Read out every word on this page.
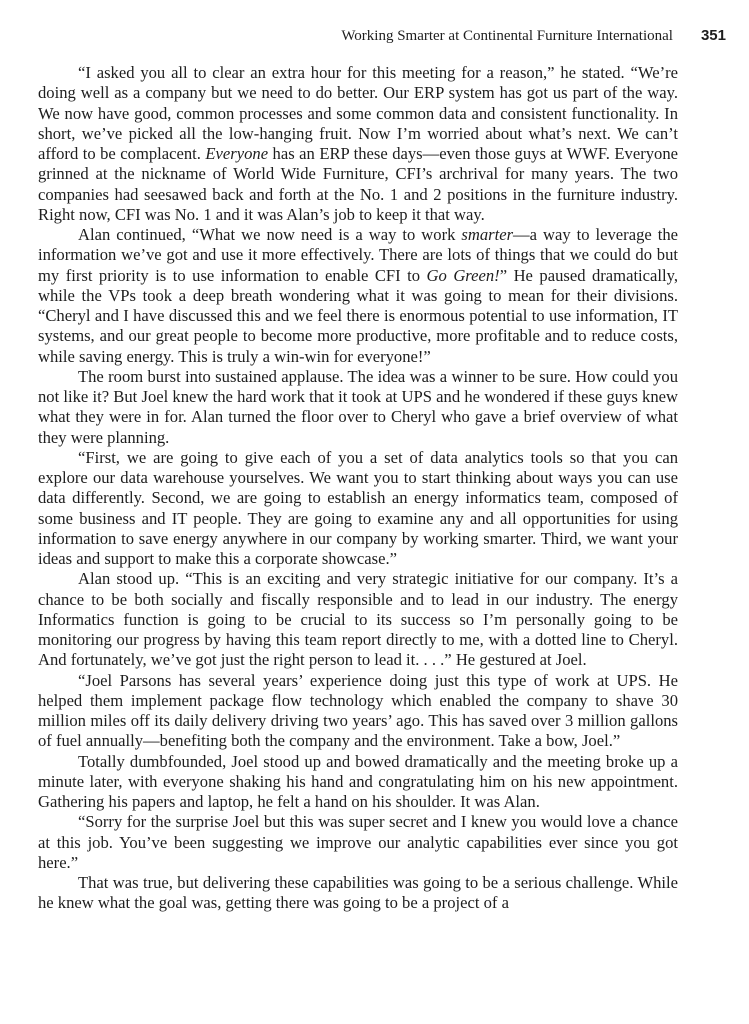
Working Smarter at Continental Furniture International 351

“I asked you all to clear an extra hour for this meeting for a reason,” he stated. “We’re doing well as a company but we need to do better. Our ERP system has got us part of the way. We now have good, common processes and some common data and consistent functionality. In short, we’ve picked all the low-hanging fruit. Now I’m worried about what’s next. We can’t afford to be complacent. Everyone has an ERP these days—even those guys at WWF. Everyone grinned at the nickname of World Wide Furniture, CFI’s archrival for many years. The two companies had seesawed back and forth at the No. 1 and 2 positions in the furniture industry. Right now, CFI was No. 1 and it was Alan’s job to keep it that way.

Alan continued, “What we now need is a way to work smarter—a way to leverage the information we’ve got and use it more effectively. There are lots of things that we could do but my first priority is to use information to enable CFI to Go Green!” He paused dramatically, while the VPs took a deep breath wondering what it was going to mean for their divisions. “Cheryl and I have discussed this and we feel there is enormous potential to use information, IT systems, and our great people to become more productive, more profitable and to reduce costs, while saving energy. This is truly a win-win for everyone!”

The room burst into sustained applause. The idea was a winner to be sure. How could you not like it? But Joel knew the hard work that it took at UPS and he wondered if these guys knew what they were in for. Alan turned the floor over to Cheryl who gave a brief overview of what they were planning.

“First, we are going to give each of you a set of data analytics tools so that you can explore our data warehouse yourselves. We want you to start thinking about ways you can use data differently. Second, we are going to establish an energy informatics team, composed of some business and IT people. They are going to examine any and all opportunities for using information to save energy anywhere in our company by working smarter. Third, we want your ideas and support to make this a corporate showcase.”

Alan stood up. “This is an exciting and very strategic initiative for our company. It’s a chance to be both socially and fiscally responsible and to lead in our industry. The energy Informatics function is going to be crucial to its success so I’m personally going to be monitoring our progress by having this team report directly to me, with a dotted line to Cheryl. And fortunately, we’ve got just the right person to lead it. . . .” He gestured at Joel.

“Joel Parsons has several years’ experience doing just this type of work at UPS. He helped them implement package flow technology which enabled the company to shave 30 million miles off its daily delivery driving two years’ ago. This has saved over 3 million gallons of fuel annually—benefiting both the company and the environment. Take a bow, Joel.”

Totally dumbfounded, Joel stood up and bowed dramatically and the meeting broke up a minute later, with everyone shaking his hand and congratulating him on his new appointment. Gathering his papers and laptop, he felt a hand on his shoulder. It was Alan.

“Sorry for the surprise Joel but this was super secret and I knew you would love a chance at this job. You’ve been suggesting we improve our analytic capabilities ever since you got here.”

That was true, but delivering these capabilities was going to be a serious challenge. While he knew what the goal was, getting there was going to be a project of a
